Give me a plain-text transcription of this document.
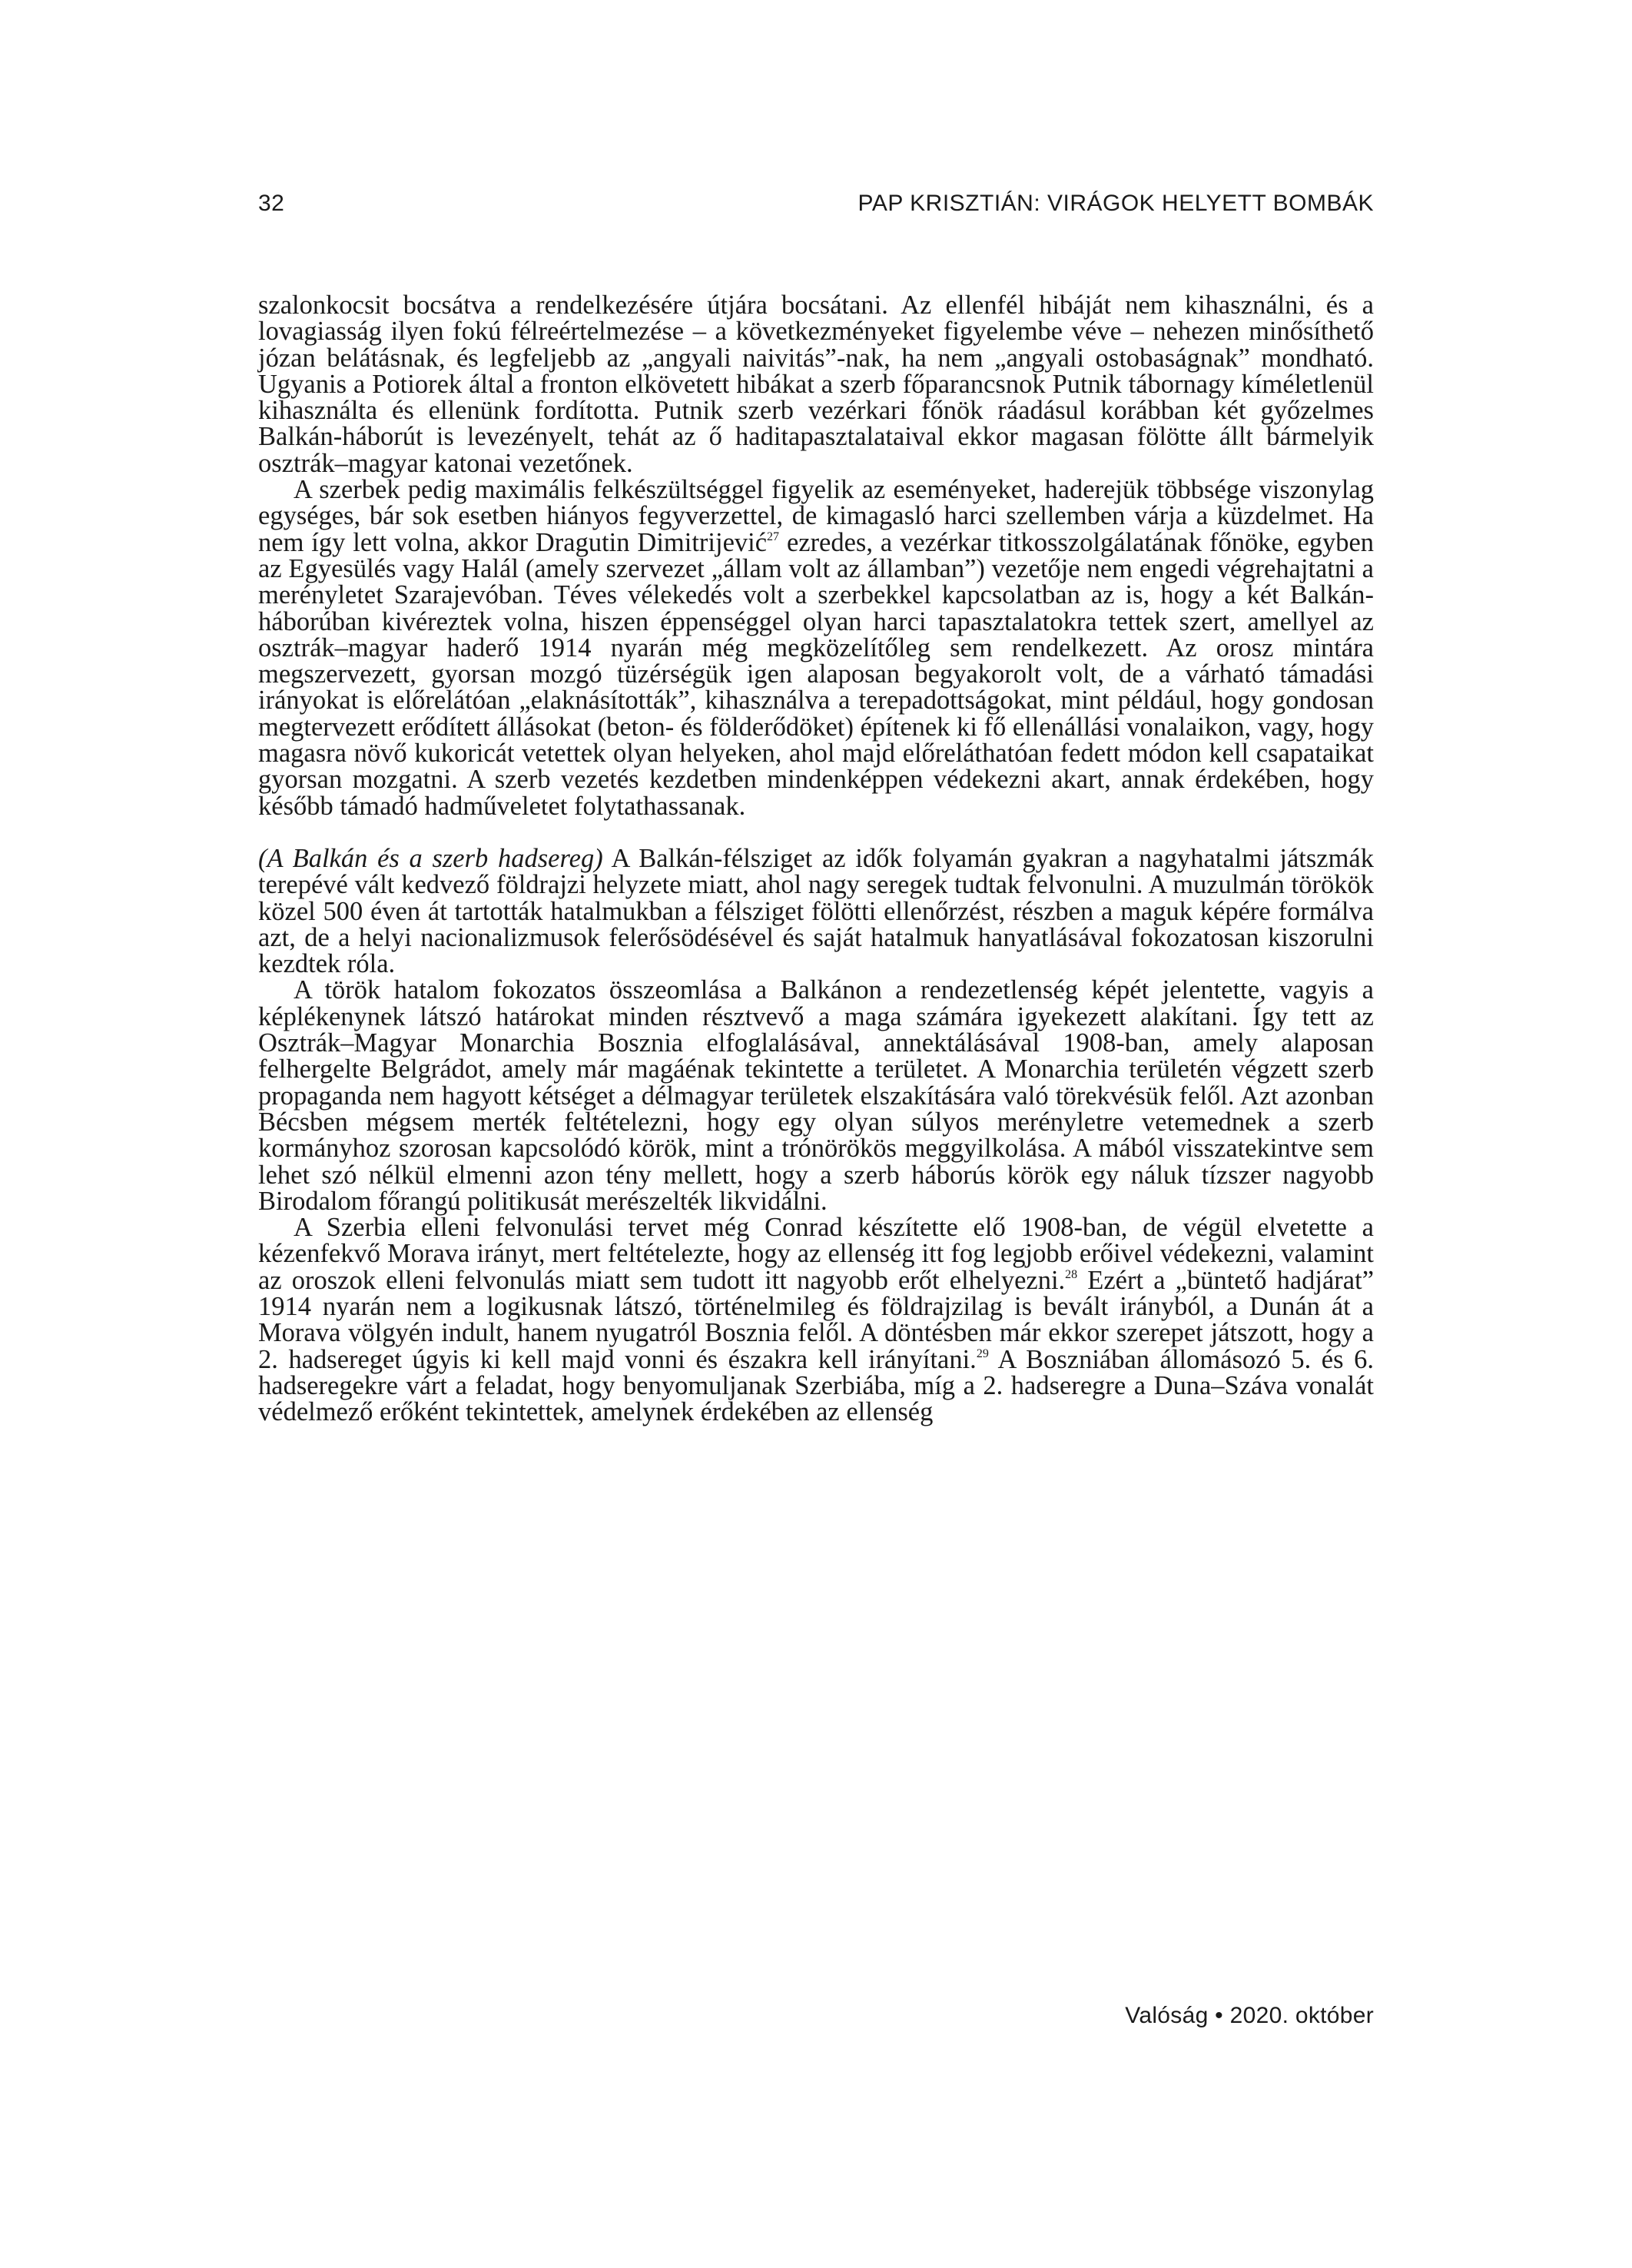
32	PAP KRISZTIÁN: VIRÁGOK HELYETT BOMBÁK

szalonkocsit bocsátva a rendelkezésére útjára bocsátani. Az ellenfél hibáját nem kihasználni, és a lovagiasság ilyen fokú félreértelmezése – a következményeket figyelembe véve – nehezen minősíthető józan belátásnak, és legfeljebb az „angyali naivitás”-nak, ha nem „angyali ostobaságnak” mondható. Ugyanis a Potiorek által a fronton elkövetett hibákat a szerb főparancsnok Putnik tábornagy kíméletlenül kihasználta és ellenünk fordította. Putnik szerb vezérkari főnök ráadásul korábban két győzelmes Balkán-háborút is levezényelt, tehát az ő haditapasztalataival ekkor magasan fölötte állt bármelyik osztrák–magyar katonai vezetőnek.

A szerbek pedig maximális felkészültséggel figyelik az eseményeket, haderejük többsége viszonylag egységes, bár sok esetben hiányos fegyverzettel, de kimagasló harci szellemben várja a küzdelmet. Ha nem így lett volna, akkor Dragutin Dimitrijević$^{27}$ ezredes, a vezérkar titkosszolgálatának főnöke, egyben az Egyesülés vagy Halál (amely szervezet „állam volt az államban”) vezetője nem engedi végrehajtatni a merényletet Szarajevóban. Téves vélekedés volt a szerbekkel kapcsolatban az is, hogy a két Balkánháborúban kivéreztek volna, hiszen éppenséggel olyan harci tapasztalatokra tettek szert, amellyel az osztrák–magyar haderő 1914 nyarán még megközelítőleg sem rendelkezett. Az orosz mintára megszervezett, gyorsan mozgó tüzérségük igen alaposan begyakorolt volt, de a várható támadási irányokat is előrelátóan „elaknásították”, kihasználva a terepadottságokat, mint például, hogy gondosan megtervezett erődített állásokat (beton- és földerődöket) építenek ki fő ellenállási vonalaikon, vagy, hogy magasra növő kukoricát vetettek olyan helyeken, ahol majd előreláthatóan fedett módon kell csapataikat gyorsan mozgatni. A szerb vezetés kezdetben mindenképpen védekezni akart, annak érdekében, hogy később támadó hadműveletet folytathassanak.

(A Balkán és a szerb hadsereg) A Balkán-félsziget az idők folyamán gyakran a nagyhatalmi játszmák terepévé vált kedvező földrajzi helyzete miatt, ahol nagy seregek tudtak felvonulni. A muzulmán törökök közel 500 éven át tartották hatalmukban a félsziget fölötti ellenőrzést, részben a maguk képére formálva azt, de a helyi nacionalizmusok felerősödésével és saját hatalmuk hanyatlásával fokozatosan kiszorulni kezdtek róla.

A török hatalom fokozatos összeomlása a Balkánon a rendezetlenség képét jelentette, vagyis a képlékenynek látszó határokat minden résztvevő a maga számára igyekezett alakítani. Így tett az Osztrák–Magyar Monarchia Bosznia elfoglalásával, annektálásával 1908-ban, amely alaposan felhergelte Belgrádot, amely már magáénak tekintette a területet. A Monarchia területén végzett szerb propaganda nem hagyott kétséget a délmagyar területek elszakítására való törekvésük felől. Azt azonban Bécsben mégsem merték feltételezni, hogy egy olyan súlyos merényletre vetemednek a szerb kormányhoz szorosan kapcsolódó körök, mint a trónörökös meggyilkolása. A mából visszatekintve sem lehet szó nélkül elmenni azon tény mellett, hogy a szerb háborús körök egy náluk tízszer nagyobb Birodalom főrangú politikusát merészelték likvidálni.

A Szerbia elleni felvonulási tervet még Conrad készítette elő 1908-ban, de végül elvetette a kézenfekvő Morava irányt, mert feltételezte, hogy az ellenség itt fog legjobb erőivel védekezni, valamint az oroszok elleni felvonulás miatt sem tudott itt nagyobb erőt elhelyezni.$^{28}$ Ezért a „büntető hadjárat” 1914 nyarán nem a logikusnak látszó, történelmileg és földrajzilag is bevált irányból, a Dunán át a Morava völgyén indult, hanem nyugatról Bosznia felől. A döntésben már ekkor szerepet játszott, hogy a 2. hadsereget úgyis ki kell majd vonni és északra kell irányítani.$^{29}$ A Boszniában állomásozó 5. és 6. hadseregekre várt a feladat, hogy benyomuljanak Szerbiába, míg a 2. hadseregre a Duna–Száva vonalát védelmező erőként tekintettek, amelynek érdekében az ellenség

Valóság • 2020. október
